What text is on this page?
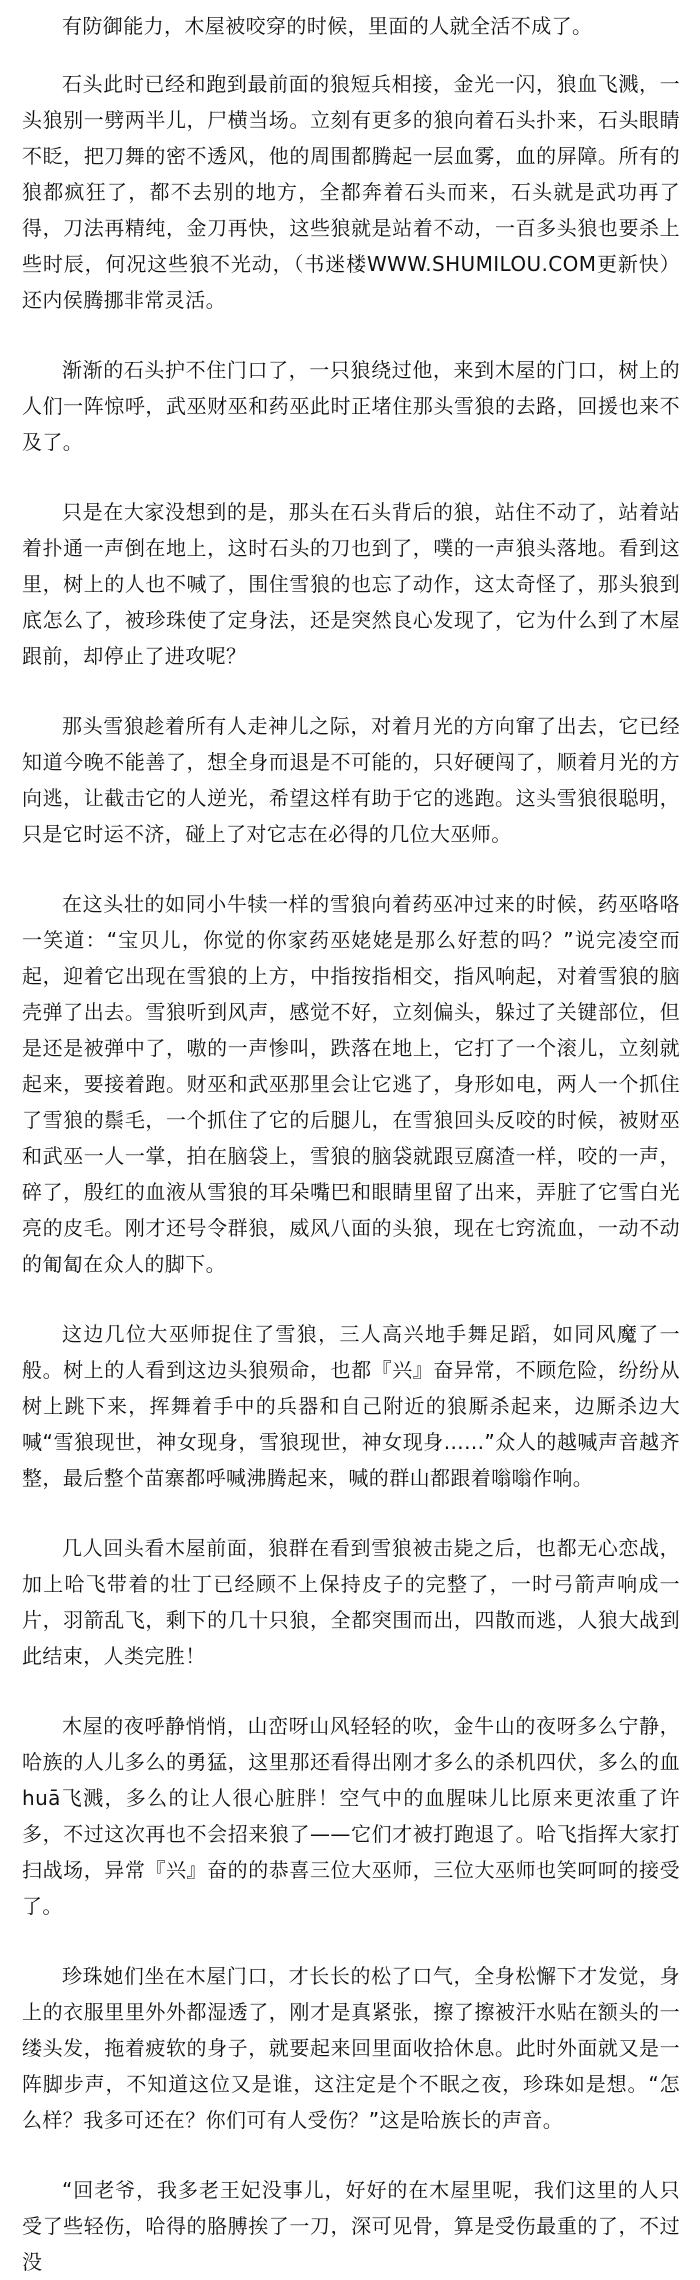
有防御能力，木屋被咬穿的时候，里面的人就全活不成了。

石头此时已经和跑到最前面的狼短兵相接，金光一闪，狼血飞溅，一头狼别一劈两半儿，尸横当场。立刻有更多的狼向着石头扑来，石头眼睛不眨，把刀舞的密不透风，他的周围都腾起一层血雾，血的屏障。所有的狼都疯狂了，都不去别的地方，全都奔着石头而来，石头就是武功再了得，刀法再精纯，金刀再快，这些狼就是站着不动，一百多头狼也要杀上些时辰，何况这些狼不光动，（书迷楼WWW.SHUMILOU.COM更新快）还内侯腾挪非常灵活。

渐渐的石头护不住门口了，一只狼绕过他，来到木屋的门口，树上的人们一阵惊呼，武巫财巫和药巫此时正堵住那头雪狼的去路，回援也来不及了。

只是在大家没想到的是，那头在石头背后的狼，站住不动了，站着站着扑通一声倒在地上，这时石头的刀也到了，噗的一声狼头落地。看到这里，树上的人也不喊了，围住雪狼的也忘了动作，这太奇怪了，那头狼到底怎么了，被珍珠使了定身法，还是突然良心发现了，它为什么到了木屋跟前，却停止了进攻呢？

那头雪狼趁着所有人走神儿之际，对着月光的方向窜了出去，它已经知道今晚不能善了，想全身而退是不可能的，只好硬闯了，顺着月光的方向逃，让截击它的人逆光，希望这样有助于它的逃跑。这头雪狼很聪明，只是它时运不济，碰上了对它志在必得的几位大巫师。

在这头壮的如同小牛犊一样的雪狼向着药巫冲过来的时候，药巫咯咯一笑道：“宝贝儿，你觉的你家药巫姥姥是那么好惹的吗？”说完凌空而起，迎着它出现在雪狼的上方，中指按指相交，指风响起，对着雪狼的脑壳弹了出去。雪狼听到风声，感觉不好，立刻偏头，躲过了关键部位，但是还是被弹中了，嗷的一声惨叫，跌落在地上，它打了一个滚儿，立刻就起来，要接着跑。财巫和武巫那里会让它逃了，身形如电，两人一个抓住了雪狼的鬃毛，一个抓住了它的后腿儿，在雪狼回头反咬的时候，被财巫和武巫一人一掌，拍在脑袋上，雪狼的脑袋就跟豆腐渣一样，咬的一声，碎了，殷红的血液从雪狼的耳朵嘴巴和眼睛里留了出来，弄脏了它雪白光亮的皮毛。刚才还号令群狼，威风八面的头狼，现在七窍流血，一动不动的匍匐在众人的脚下。

这边几位大巫师捉住了雪狼，三人高兴地手舞足蹈，如同风魔了一般。树上的人看到这边头狼殒命，也都『兴』奋异常，不顾危险，纷纷从树上跳下来，挥舞着手中的兵器和自己附近的狼厮杀起来，边厮杀边大喊“雪狼现世，神女现身，雪狼现世，神女现身......”众人的越喊声音越齐整，最后整个苗寨都呼喊沸腾起来，喊的群山都跟着嗡嗡作响。

几人回头看木屋前面，狼群在看到雪狼被击毙之后，也都无心恋战，加上哈飞带着的壮丁已经顾不上保持皮子的完整了，一时弓箭声响成一片，羽箭乱飞，剩下的几十只狼，全都突围而出，四散而逃，人狼大战到此结束，人类完胜！

木屋的夜呼静悄悄，山峦呀山风轻轻的吹，金牛山的夜呀多么宁静，哈族的人儿多么的勇猛，这里那还看得出刚才多么的杀机四伏，多么的血huā飞溅，多么的让人很心脏胖！空气中的血腥味儿比原来更浓重了许多，不过这次再也不会招来狼了——它们才被打跑退了。哈飞指挥大家打扫战场，异常『兴』奋的的恭喜三位大巫师，三位大巫师也笑呵呵的接受了。

珍珠她们坐在木屋门口，才长长的松了口气，全身松懈下才发觉，身上的衣服里里外外都湿透了，刚才是真紧张，擦了擦被汗水贴在额头的一缕头发，拖着疲软的身子，就要起来回里面收拾休息。此时外面就又是一阵脚步声，不知道这位又是谁，这注定是个不眠之夜，珍珠如是想。“怎么样？我多可还在？你们可有人受伤？”这是哈族长的声音。

“回老爷，我多老王妃没事儿，好好的在木屋里呢，我们这里的人只受了些轻伤，哈得的胳膊挨了一刀，深可见骨，算是受伤最重的了，不过没
